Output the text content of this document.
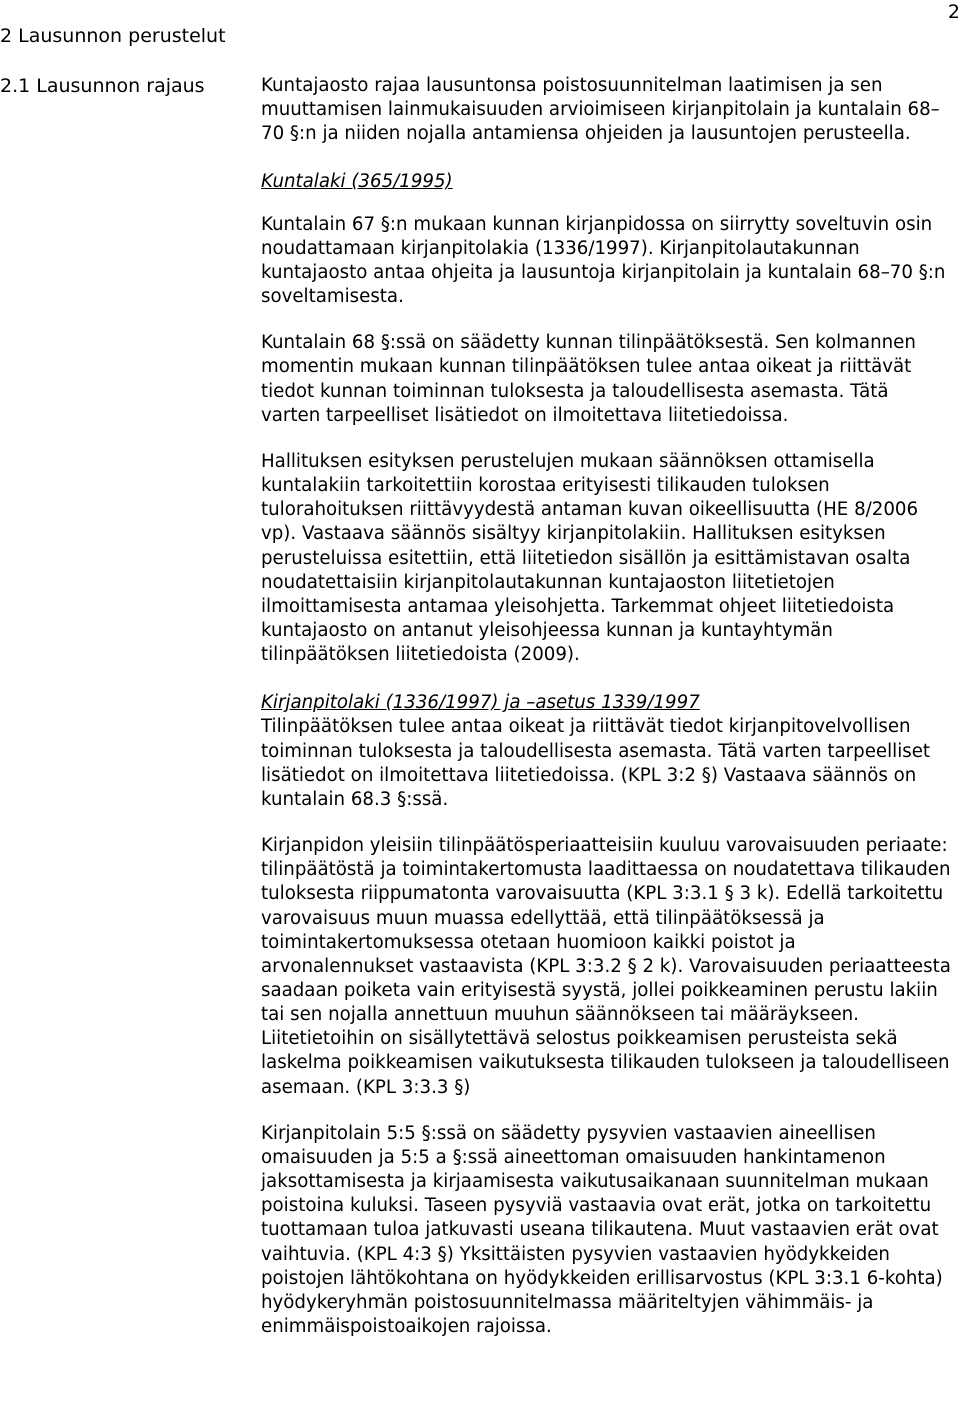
2
2 Lausunnon perustelut
2.1 Lausunnon rajaus	Kuntajaosto rajaa lausuntonsa poistosuunnitelman laatimisen ja sen muuttamisen lainmukaisuuden arvioimiseen kirjanpitolain ja kuntalain 68–70 §:n ja niiden nojalla antamiensa ohjeiden ja lausuntojen perusteella.

Kuntalaki (365/1995)

Kuntalain 67 §:n mukaan kunnan kirjanpidossa on siirrytty soveltuvin osin noudattamaan kirjanpitolakia (1336/1997). Kirjanpitolautakunnan kuntajaosto antaa ohjeita ja lausuntoja kirjanpitolain ja kuntalain 68–70 §:n soveltamisesta.

Kuntalain 68 §:ssä on säädetty kunnan tilinpäätöksestä. Sen kolmannen momentin mukaan kunnan tilinpäätöksen tulee antaa oikeat ja riittävät tiedot kunnan toiminnan tuloksesta ja taloudellisesta asemasta. Tätä varten tarpeelliset lisätiedot on ilmoitettava liitetiedoissa.

Hallituksen esityksen perustelujen mukaan säännöksen ottamisella kuntalakiin tarkoitettiin korostaa erityisesti tilikauden tuloksen tulorahoituksen riittävyydestä antaman kuvan oikeellisuutta (HE 8/2006 vp). Vastaava säännös sisältyy kirjanpitolakiin. Hallituksen esityksen perusteluissa esitettiin, että liitetiedon sisällön ja esittämistavan osalta noudatettaisiin kirjanpitolautakunnan kuntajaoston liitetietojen ilmoittamisesta antamaa yleisohjetta. Tarkemmat ohjeet liitetiedoista kuntajaosto on antanut yleisohjeessa kunnan ja kuntayhtymän tilinpäätöksen liitetiedoista (2009).

Kirjanpitolaki (1336/1997) ja –asetus 1339/1997

Tilinpäätöksen tulee antaa oikeat ja riittävät tiedot kirjanpitovelvollisen toiminnan tuloksesta ja taloudellisesta asemasta. Tätä varten tarpeelliset lisätiedot on ilmoitettava liitetiedoissa. (KPL 3:2 §) Vastaava säännös on kuntalain 68.3 §:ssä.

Kirjanpidon yleisiin tilinpäätösperiaatteisiin kuuluu varovaisuuden periaate: tilinpäätöstä ja toimintakertomusta laadittaessa on noudatettava tilikauden tuloksesta riippumatonta varovaisuutta (KPL 3:3.1 § 3 k). Edellä tarkoitettu varovaisuus muun muassa edellyttää, että tilinpäätöksessä ja toimintakertomuksessa otetaan huomioon kaikki poistot ja arvonalennukset vastaavista (KPL 3:3.2 § 2 k). Varovaisuuden periaatteesta saadaan poiketa vain erityisestä syystä, jollei poikkeaminen perustu lakiin tai sen nojalla annettuun muuhun säännökseen tai määräykseen. Liitetietoihin on sisällytettävä selostus poikkeamisen perusteista sekä laskelma poikkeamisen vaikutuksesta tilikauden tulokseen ja taloudelliseen asemaan. (KPL 3:3.3 §)

Kirjanpitolain 5:5 §:ssä on säädetty pysyvien vastaavien aineellisen omaisuuden ja 5:5 a §:ssä aineettoman omaisuuden hankintamenon jaksottamisesta ja kirjaamisesta vaikutusaikanaan suunnitelman mukaan poistoina kuluksi. Taseen pysyviä vastaavia ovat erät, jotka on tarkoitettu tuottamaan tuloa jatkuvasti useana tilikautena. Muut vastaavien erät ovat vaihtuvia. (KPL 4:3 §) Yksittäisten pysyvien vastaavien hyödykkeiden poistojen lähtökohtana on hyödykkeiden erillisarvostus (KPL 3:3.1 6-kohta) hyödykeryhmän poistosuunnitelmassa määriteltyjen vähimmäis- ja enimmäispoistoaikojen rajoissa.
